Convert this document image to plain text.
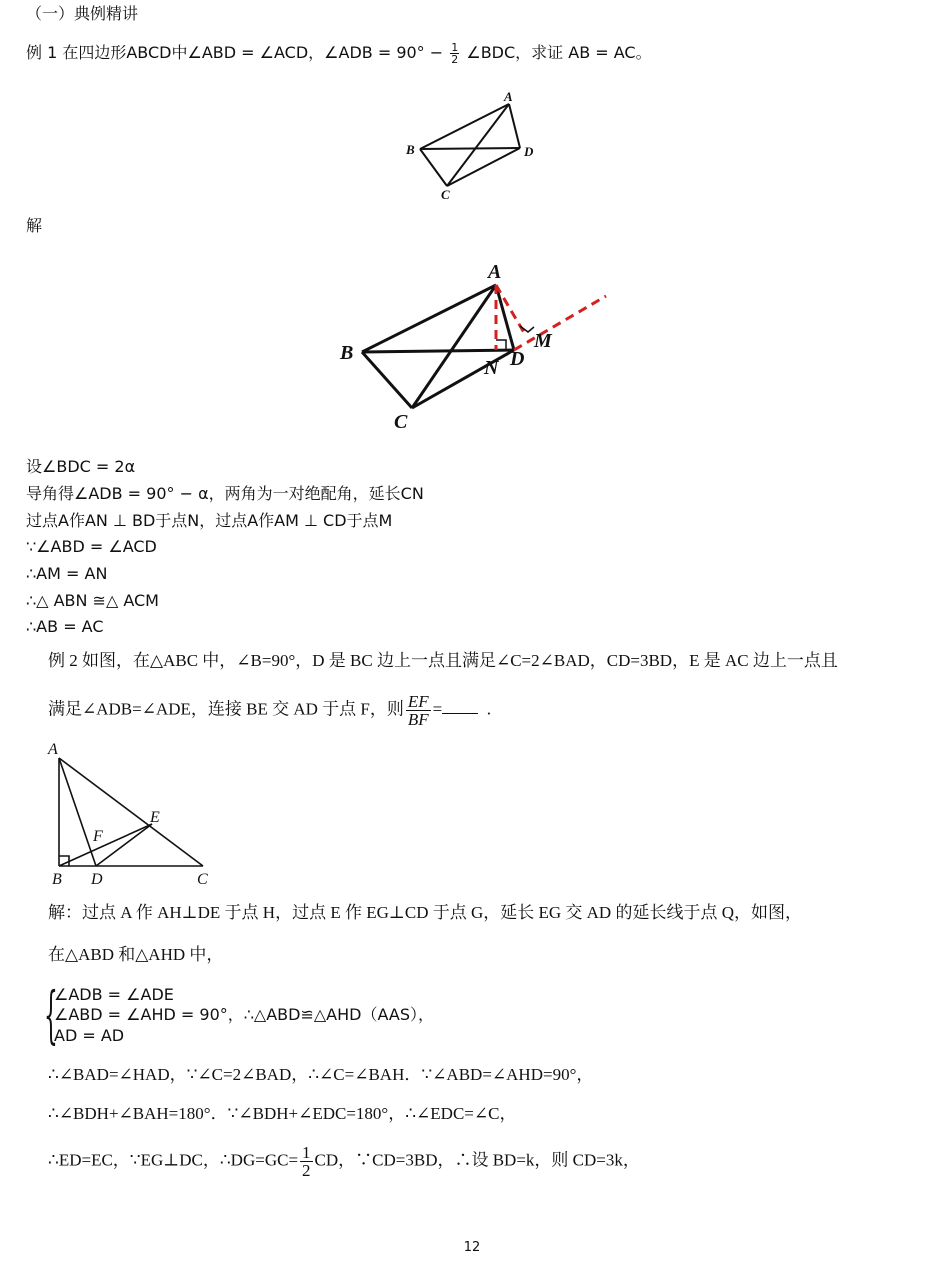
（一）典例精讲
例 1 在四边形ABCD中∠ABD = ∠ACD，∠ADB = $90^\circ - \frac{1}{2}$ ∠BDC，求证 AB = AC。
A
B	D
C
解
A
B	D
N
M
C
设∠BDC = 2α
导角得∠ADB = 90° − α，两角为一对绝配角，延长CN
过点A作AN ⊥ BD于点N，过点A作AM ⊥ CD于点M
∵∠ABD = ∠ACD
∴AM = AN
∴△ ABN ≅△ ACM
∴AB = AC
例 2 如图，在△ABC 中，∠B=90°，D 是 BC 边上一点且满足∠C=2∠BAD，CD=3BD，E 是 AC 边上一点且
满足∠ADB=∠ADE，连接 BE 交 AD 于点 F，则 $\frac{EF}{BF}$ =	.
A
B D	C
E
F
解：过点 A 作 AH⊥DE 于点 H，过点 E 作 EG⊥CD 于点 G，延长 EG 交 AD 的延长线于点 Q，如图，
在△ABD 和△AHD 中，
{
∠ADB = ∠ADE
∠ABD = ∠AHD = 90°，∴△ABD≌△AHD（AAS），
AD = AD
∴∠BAD=∠HAD，∵∠C=2∠BAD，∴∠C=∠BAH．∵∠ABD=∠AHD=90°，
∴∠BDH+∠BAH=180°．∵∠BDH+∠EDC=180°，∴∠EDC=∠C，
∴ED=EC，∵EG⊥DC，∴DG=GC= $\frac{1}{2}$ CD，∵CD=3BD，∴设 BD=k，则 CD=3k，
12
